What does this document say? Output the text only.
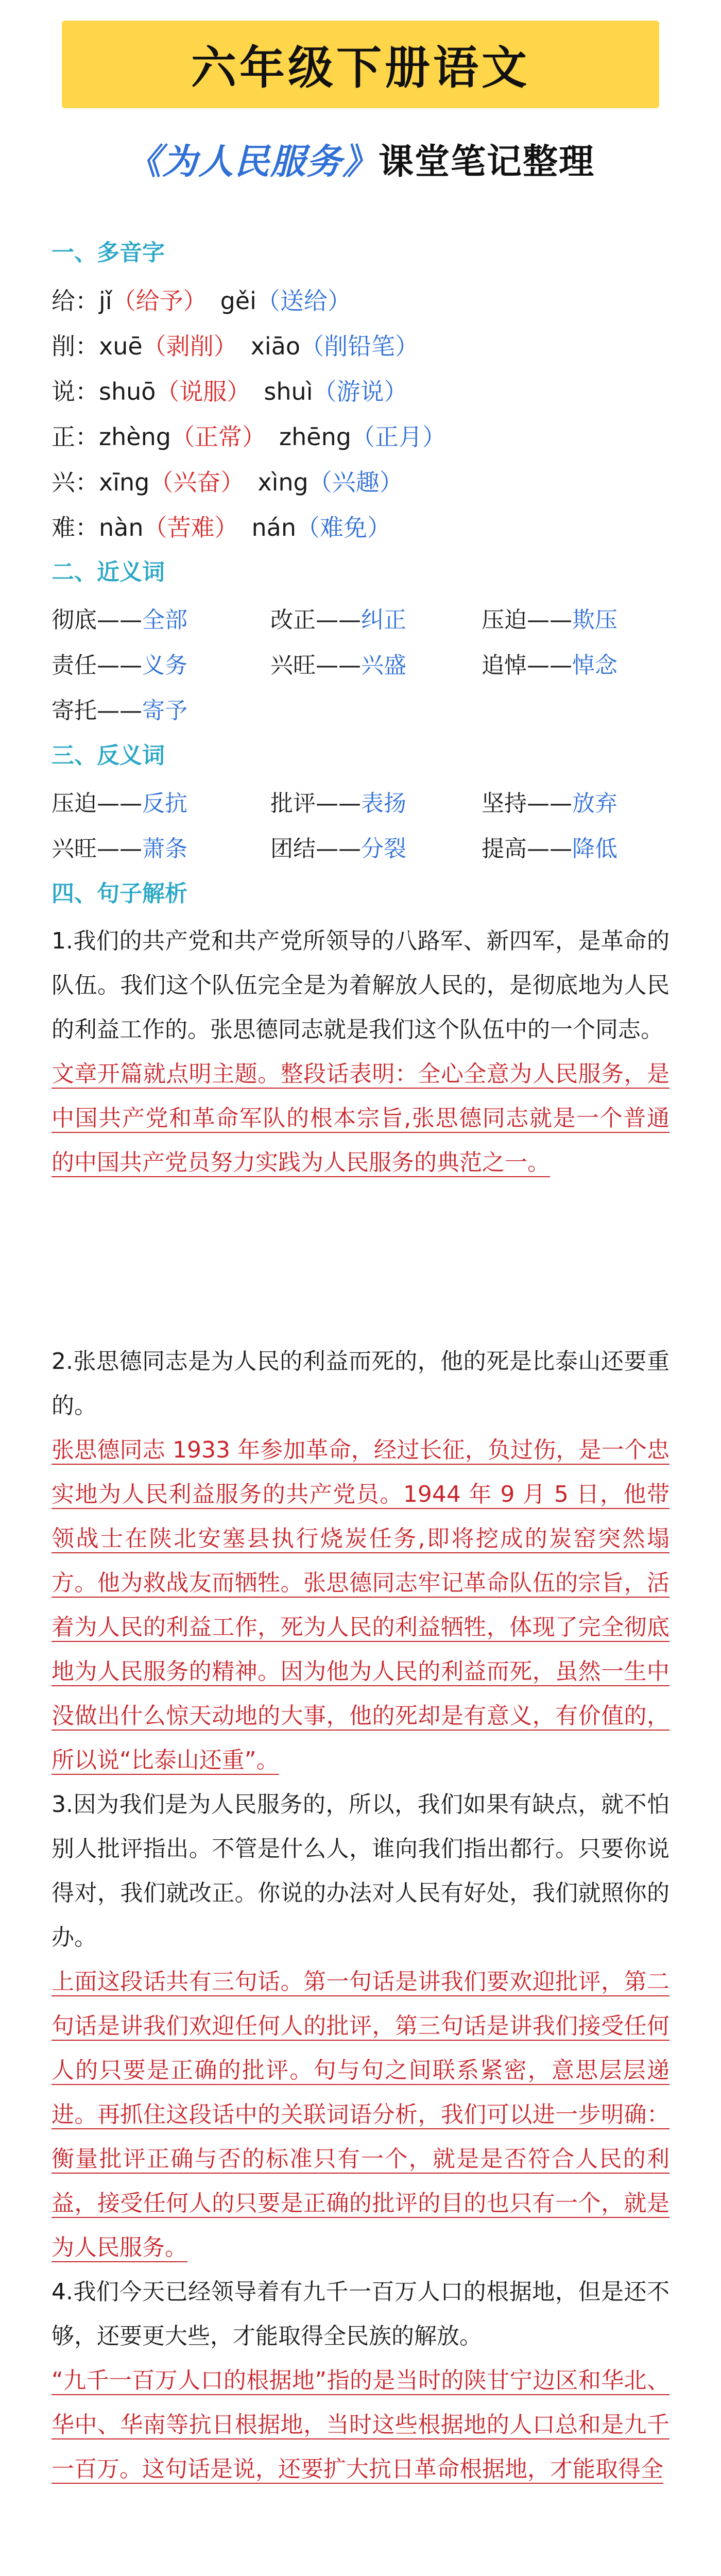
六年级下册语文
《为人民服务》课堂笔记整理
一、多音字
给：jǐ（给予） gěi（送给）
削：xuē（剥削） xiāo（削铅笔）
说：shuō（说服） shuì（游说）
正：zhèng（正常） zhēng（正月）
兴：xīng（兴奋） xìng（兴趣）
难：nàn（苦难） nán（难免）
二、近义词
彻底——全部	改正——纠正	压迫——欺压
责任——义务	兴旺——兴盛	追悼——悼念
寄托——寄予
三、反义词
压迫——反抗	批评——表扬	坚持——放弃
兴旺——萧条	团结——分裂	提高——降低
四、句子解析
1.我们的共产党和共产党所领导的八路军、新四军，是革命的队伍。我们这个队伍完全是为着解放人民的，是彻底地为人民的利益工作的。张思德同志就是我们这个队伍中的一个同志。
文章开篇就点明主题。整段话表明：全心全意为人民服务，是中国共产党和革命军队的根本宗旨,张思德同志就是一个普通的中国共产党员努力实践为人民服务的典范之一。
2.张思德同志是为人民的利益而死的，他的死是比泰山还要重的。
张思德同志 1933 年参加革命，经过长征，负过伤，是一个忠实地为人民利益服务的共产党员。1944 年 9 月 5 日，他带领战士在陕北安塞县执行烧炭任务,即将挖成的炭窑突然塌方。他为救战友而牺牲。张思德同志牢记革命队伍的宗旨，活着为人民的利益工作，死为人民的利益牺牲，体现了完全彻底地为人民服务的精神。因为他为人民的利益而死，虽然一生中没做出什么惊天动地的大事，他的死却是有意义，有价值的，所以说“比泰山还重”。
3.因为我们是为人民服务的，所以，我们如果有缺点，就不怕别人批评指出。不管是什么人，谁向我们指出都行。只要你说得对，我们就改正。你说的办法对人民有好处，我们就照你的办。
上面这段话共有三句话。第一句话是讲我们要欢迎批评，第二句话是讲我们欢迎任何人的批评，第三句话是讲我们接受任何人的只要是正确的批评。句与句之间联系紧密，意思层层递进。再抓住这段话中的关联词语分析，我们可以进一步明确：衡量批评正确与否的标准只有一个，就是是否符合人民的利益，接受任何人的只要是正确的批评的目的也只有一个，就是为人民服务。
4.我们今天已经领导着有九千一百万人口的根据地，但是还不够，还要更大些，才能取得全民族的解放。
“九千一百万人口的根据地”指的是当时的陕甘宁边区和华北、华中、华南等抗日根据地，当时这些根据地的人口总和是九千一百万。这句话是说，还要扩大抗日革命根据地，才能取得全
